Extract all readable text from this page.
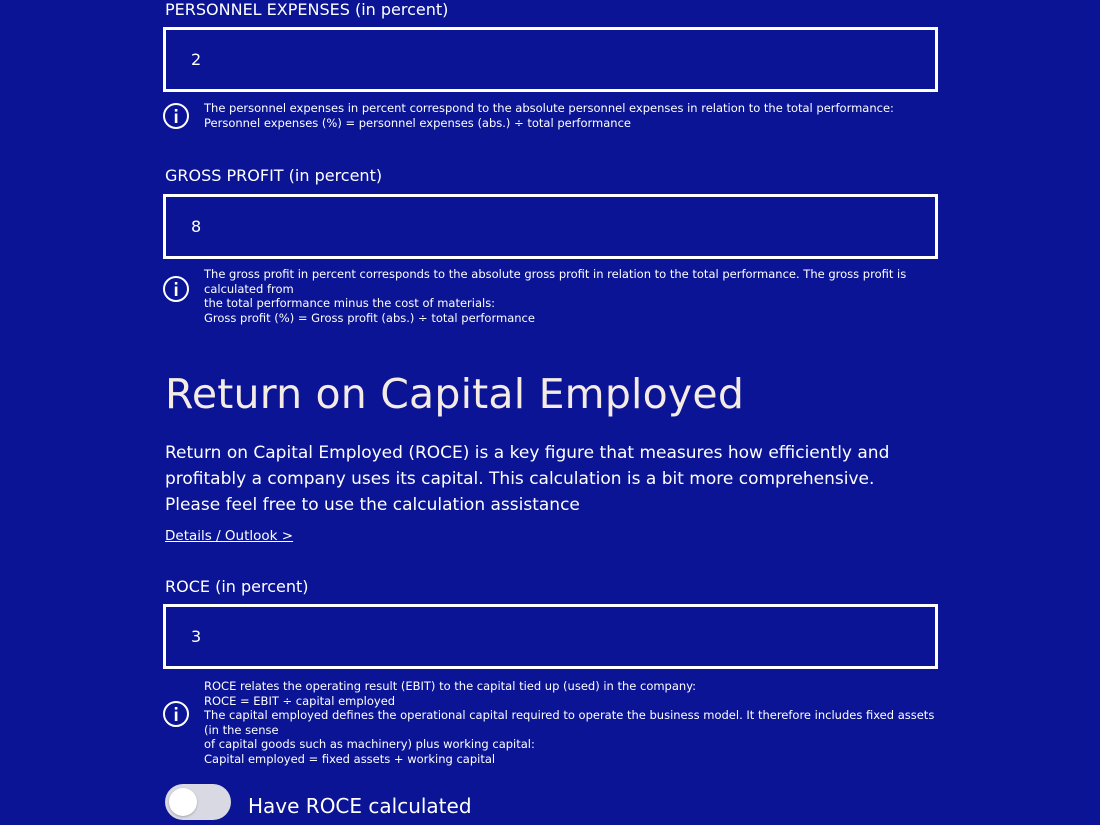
PERSONNEL EXPENSES (in percent)
2
The personnel expenses in percent correspond to the absolute personnel expenses in relation to the total performance:
Personnel expenses (%) = personnel expenses (abs.) ÷ total performance
GROSS PROFIT (in percent)
8
The gross profit in percent corresponds to the absolute gross profit in relation to the total performance. The gross profit is calculated from
the total performance minus the cost of materials:
Gross profit (%) = Gross profit (abs.) ÷ total performance
Return on Capital Employed

Return on Capital Employed (ROCE) is a key figure that measures how efficiently and profitably a company uses its capital. This calculation is a bit more comprehensive. Please feel free to use the calculation assistance

Details / Outlook >
ROCE (in percent)
3
ROCE relates the operating result (EBIT) to the capital tied up (used) in the company:
ROCE = EBIT ÷ capital employed
The capital employed defines the operational capital required to operate the business model. It therefore includes fixed assets (in the sense
of capital goods such as machinery) plus working capital:
Capital employed = fixed assets + working capital
Have ROCE calculated
